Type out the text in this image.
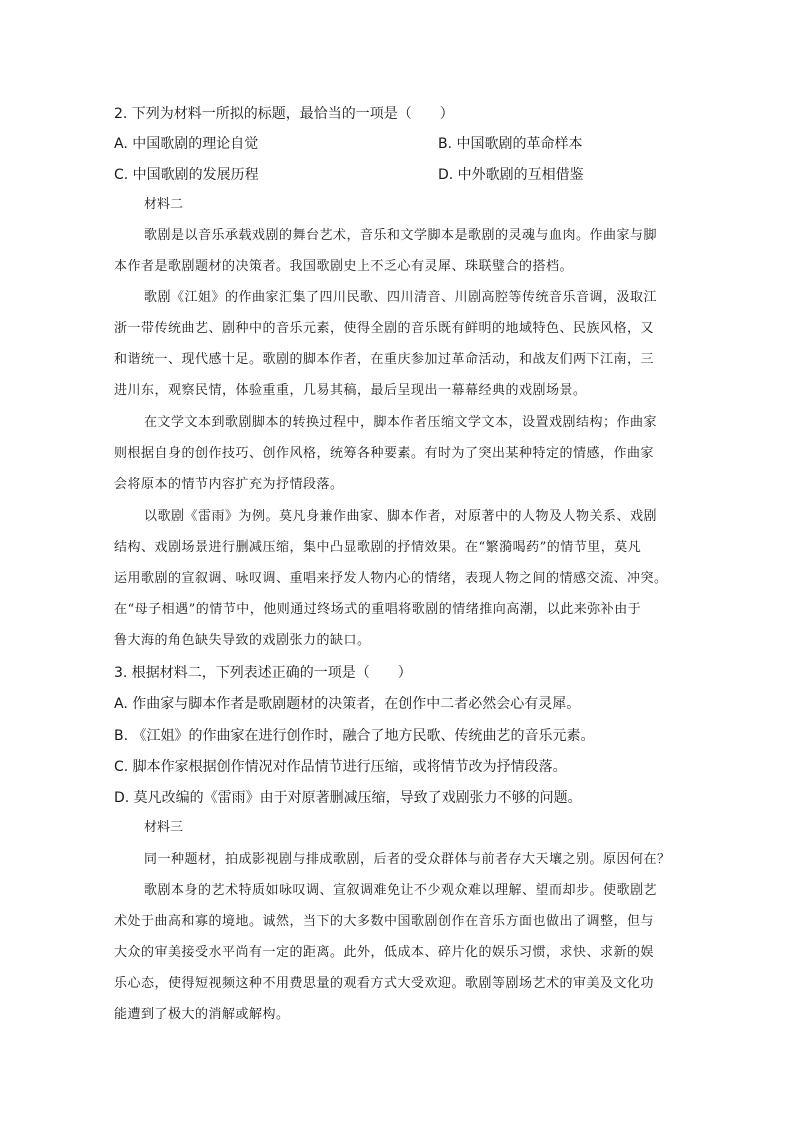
2. 下列为材料一所拟的标题，最恰当的一项是（　　）
A. 中国歌剧的理论自觉	B. 中国歌剧的革命样本
C. 中国歌剧的发展历程	D. 中外歌剧的互相借鉴
材料二
歌剧是以音乐承载戏剧的舞台艺术，音乐和文学脚本是歌剧的灵魂与血肉。作曲家与脚
本作者是歌剧题材的决策者。我国歌剧史上不乏心有灵犀、珠联璧合的搭档。
歌剧《江姐》的作曲家汇集了四川民歌、四川清音、川剧高腔等传统音乐音调，汲取江
浙一带传统曲艺、剧种中的音乐元素，使得全剧的音乐既有鲜明的地域特色、民族风格，又
和谐统一、现代感十足。歌剧的脚本作者，在重庆参加过革命活动，和战友们两下江南，三
进川东，观察民情，体验重重，几易其稿，最后呈现出一幕幕经典的戏剧场景。
在文学文本到歌剧脚本的转换过程中，脚本作者压缩文学文本，设置戏剧结构；作曲家
则根据自身的创作技巧、创作风格，统筹各种要素。有时为了突出某种特定的情感，作曲家
会将原本的情节内容扩充为抒情段落。
以歌剧《雷雨》为例。莫凡身兼作曲家、脚本作者，对原著中的人物及人物关系、戏剧
结构、戏剧场景进行删减压缩，集中凸显歌剧的抒情效果。在“繁漪喝药”的情节里，莫凡
运用歌剧的宣叙调、咏叹调、重唱来抒发人物内心的情绪，表现人物之间的情感交流、冲突。
在“母子相遇”的情节中，他则通过终场式的重唱将歌剧的情绪推向高潮，以此来弥补由于
鲁大海的角色缺失导致的戏剧张力的缺口。
3. 根据材料二，下列表述正确的一项是（　　）
A. 作曲家与脚本作者是歌剧题材的决策者，在创作中二者必然会心有灵犀。
B. 《江姐》的作曲家在进行创作时，融合了地方民歌、传统曲艺的音乐元素。
C. 脚本作家根据创作情况对作品情节进行压缩，或将情节改为抒情段落。
D. 莫凡改编的《雷雨》由于对原著删减压缩，导致了戏剧张力不够的问题。
材料三
同一种题材，拍成影视剧与排成歌剧，后者的受众群体与前者存大天壤之别。原因何在？
歌剧本身的艺术特质如咏叹调、宣叙调难免让不少观众难以理解、望而却步。使歌剧艺
术处于曲高和寡的境地。诚然，当下的大多数中国歌剧创作在音乐方面也做出了调整，但与
大众的审美接受水平尚有一定的距离。此外，低成本、碎片化的娱乐习惯，求快、求新的娱
乐心态，使得短视频这种不用费思量的观看方式大受欢迎。歌剧等剧场艺术的审美及文化功
能遭到了极大的消解或解构。
